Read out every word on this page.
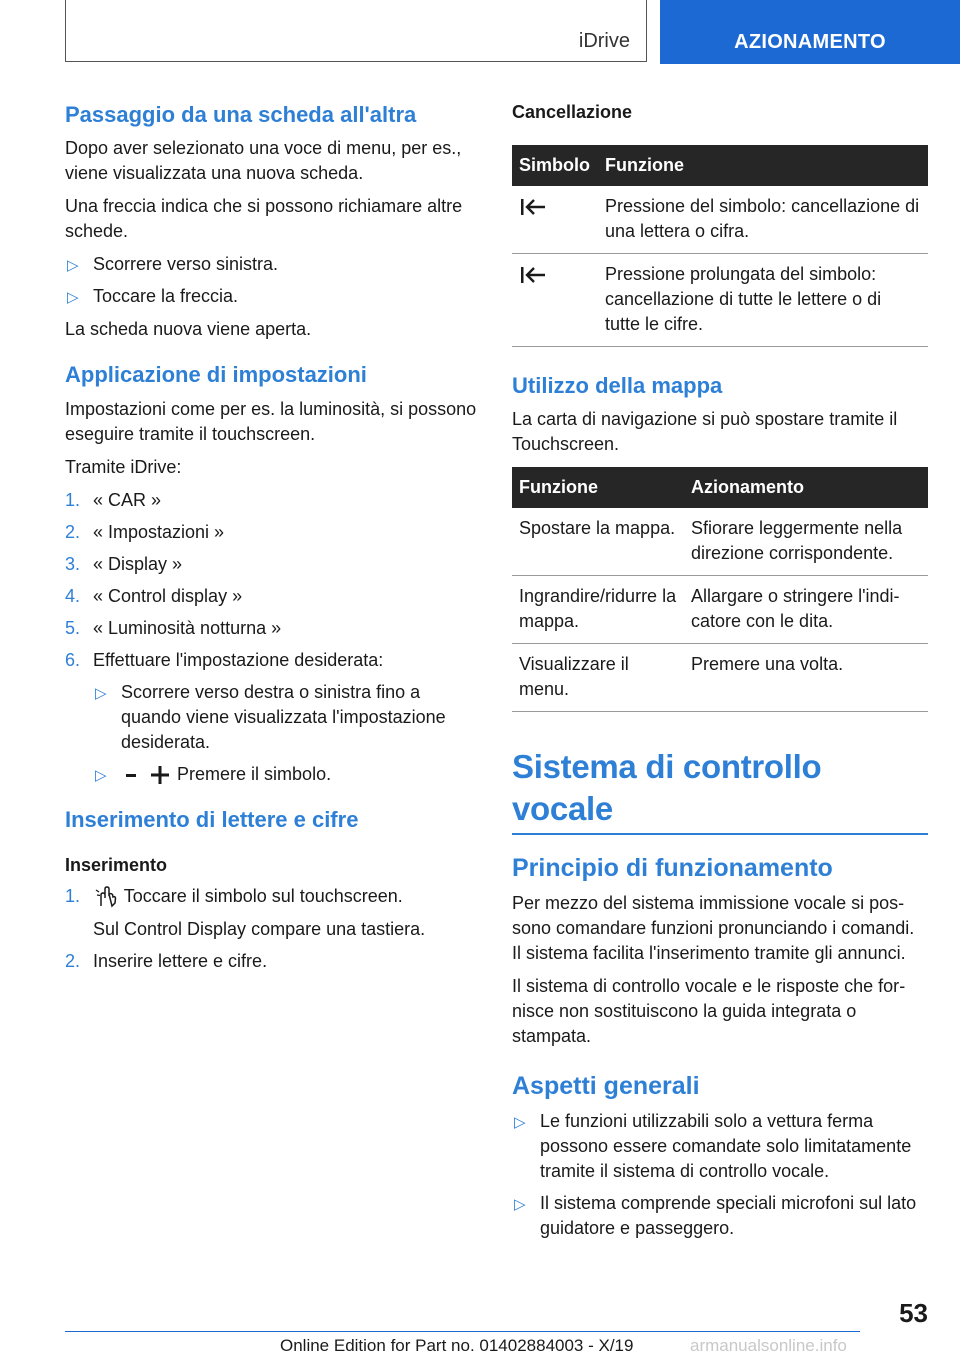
iDrive	AZIONAMENTO
Passaggio da una scheda all'altra

Dopo aver selezionato una voce di menu, per es., viene visualizzata una nuova scheda.

Una freccia indica che si possono richiamare altre schede.

▷ Scorrere verso sinistra.
▷ Toccare la freccia.

La scheda nuova viene aperta.

Applicazione di impostazioni

Impostazioni come per es. la luminosità, si possono eseguire tramite il touchscreen.

Tramite iDrive:

1. « CAR »
2. « Impostazioni »
3. « Display »
4. « Control display »
5. « Luminosità notturna »
6. Effettuare l'impostazione desiderata:
▷ Scorrere verso destra o sinistra fino a quando viene visualizzata l'impostazione desiderata.
▷	Premere il simbolo.
Inserimento di lettere e cifre
Inserimento
1. Toccare il simbolo sul touchscreen.
Sul Control Display compare una tastiera.
2. Inserire lettere e cifre.
Cancellazione
Simbolo	Funzione
	Pressione del simbolo: cancellazione di una lettera o cifra.
	Pressione prolungata del simbolo: cancellazione di tutte le lettere o di tutte le cifre.
Utilizzo della mappa

La carta di navigazione si può spostare tramite il Touchscreen.

Funzione	Azionamento
Spostare la mappa.	Sfiorare leggermente nella direzione corrispondente.
Ingrandire/ridurre la mappa.	Allargare o stringere l'indicatore con le dita.
Visualizzare il menu.	Premere una volta.
Sistema di controllo vocale
Principio di funzionamento

Per mezzo del sistema immissione vocale si possono comandare funzioni pronunciando i comandi. Il sistema facilita l'inserimento tramite gli annunci.

Il sistema di controllo vocale e le risposte che fornisce non sostituiscono la guida integrata o stampata.

Aspetti generali
▷ Le funzioni utilizzabili solo a vettura ferma possono essere comandate solo limitatamente tramite il sistema di controllo vocale.
▷ Il sistema comprende speciali microfoni sul lato guidatore e passeggero.
53
Online Edition for Part no. 01402884003 - X/19	armanualsonline.info
